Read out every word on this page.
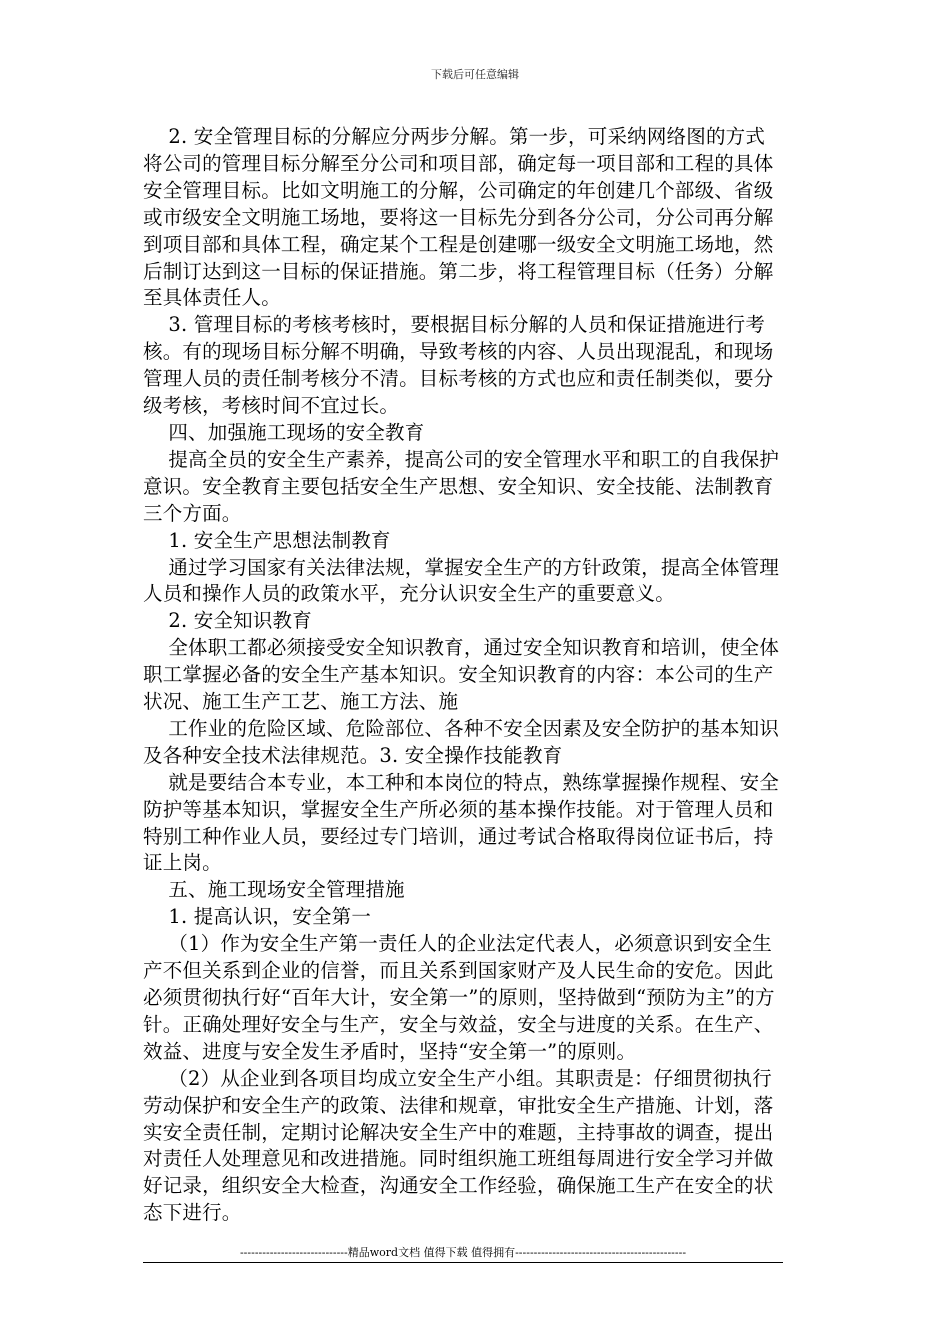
下载后可任意编辑

2. 安全管理目标的分解应分两步分解。第一步，可采纳网络图的方式将公司的管理目标分解至分公司和项目部，确定每一项目部和工程的具体安全管理目标。比如文明施工的分解，公司确定的年创建几个部级、省级或市级安全文明施工场地，要将这一目标先分到各分公司，分公司再分解到项目部和具体工程，确定某个工程是创建哪一级安全文明施工场地，然后制订达到这一目标的保证措施。第二步，将工程管理目标（任务）分解至具体责任人。

3. 管理目标的考核考核时，要根据目标分解的人员和保证措施进行考核。有的现场目标分解不明确，导致考核的内容、人员出现混乱，和现场管理人员的责任制考核分不清。目标考核的方式也应和责任制类似，要分级考核，考核时间不宜过长。

四、加强施工现场的安全教育

提高全员的安全生产素养，提高公司的安全管理水平和职工的自我保护意识。安全教育主要包括安全生产思想、安全知识、安全技能、法制教育三个方面。

1. 安全生产思想法制教育

通过学习国家有关法律法规，掌握安全生产的方针政策，提高全体管理人员和操作人员的政策水平，充分认识安全生产的重要意义。

2. 安全知识教育

全体职工都必须接受安全知识教育，通过安全知识教育和培训，使全体职工掌握必备的安全生产基本知识。安全知识教育的内容：本公司的生产状况、施工生产工艺、施工方法、施

工作业的危险区域、危险部位、各种不安全因素及安全防护的基本知识及各种安全技术法律规范。3. 安全操作技能教育

就是要结合本专业，本工种和本岗位的特点，熟练掌握操作规程、安全防护等基本知识，掌握安全生产所必须的基本操作技能。对于管理人员和特别工种作业人员，要经过专门培训，通过考试合格取得岗位证书后，持证上岗。

五、施工现场安全管理措施

1. 提高认识，安全第一

（1）作为安全生产第一责任人的企业法定代表人，必须意识到安全生产不但关系到企业的信誉，而且关系到国家财产及人民生命的安危。因此必须贯彻执行好“百年大计，安全第一”的原则，坚持做到“预防为主”的方针。正确处理好安全与生产，安全与效益，安全与进度的关系。在生产、效益、进度与安全发生矛盾时，坚持“安全第一”的原则。

（2）从企业到各项目均成立安全生产小组。其职责是：仔细贯彻执行劳动保护和安全生产的政策、法律和规章，审批安全生产措施、计划，落实安全责任制，定期讨论解决安全生产中的难题，主持事故的调查，提出对责任人处理意见和改进措施。同时组织施工班组每周进行安全学习并做好记录，组织安全大检查，沟通安全工作经验，确保施工生产在安全的状态下进行。

-----------------------------精品word文档 值得下载 值得拥有----------------------------------------------
